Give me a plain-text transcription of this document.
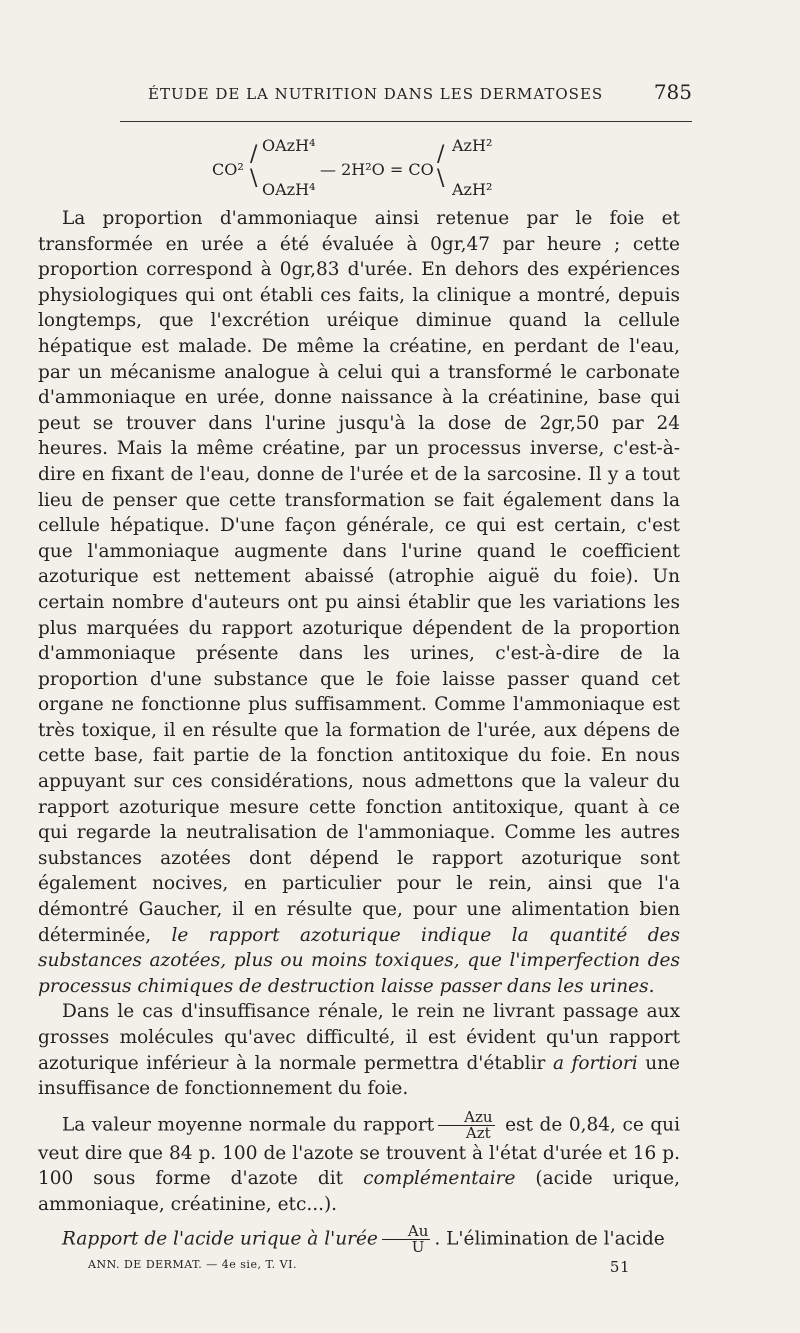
ÉTUDE DE LA NUTRITION DANS LES DERMATOSES	785
CO²
/
\
OAzH⁴
OAzH⁴
— 2H²O = CO
/
\
AzH²
AzH²

La proportion d'ammoniaque ainsi retenue par le foie et transformée en urée a été évaluée à 0gr,47 par heure ; cette proportion correspond à 0gr,83 d'urée. En dehors des expériences physiologiques qui ont établi ces faits, la clinique a montré, depuis longtemps, que l'excrétion uréique diminue quand la cellule hépatique est malade. De même la créatine, en perdant de l'eau, par un mécanisme analogue à celui qui a transformé le carbonate d'ammoniaque en urée, donne naissance à la créatinine, base qui peut se trouver dans l'urine jusqu'à la dose de 2gr,50 par 24 heures. Mais la même créatine, par un processus inverse, c'est-à-dire en fixant de l'eau, donne de l'urée et de la sarcosine. Il y a tout lieu de penser que cette transformation se fait également dans la cellule hépatique. D'une façon générale, ce qui est certain, c'est que l'ammoniaque augmente dans l'urine quand le coefficient azoturique est nettement abaissé (atrophie aiguë du foie). Un certain nombre d'auteurs ont pu ainsi établir que les variations les plus marquées du rapport azoturique dépendent de la proportion d'ammoniaque présente dans les urines, c'est-à-dire de la proportion d'une substance que le foie laisse passer quand cet organe ne fonctionne plus suffisamment. Comme l'ammoniaque est très toxique, il en résulte que la formation de l'urée, aux dépens de cette base, fait partie de la fonction antitoxique du foie. En nous appuyant sur ces considérations, nous admettons que la valeur du rapport azoturique mesure cette fonction antitoxique, quant à ce qui regarde la neutralisation de l'ammoniaque. Comme les autres substances azotées dont dépend le rapport azoturique sont également nocives, en particulier pour le rein, ainsi que l'a démontré Gaucher, il en résulte que, pour une alimentation bien déterminée, le rapport azoturique indique la quantité des substances azotées, plus ou moins toxiques, que l'imperfection des processus chimiques de destruction laisse passer dans les urines.

Dans le cas d'insuffisance rénale, le rein ne livrant passage aux grosses molécules qu'avec difficulté, il est évident qu'un rapport azoturique inférieur à la normale permettra d'établir a fortiori une insuffisance de fonctionnement du foie.

La valeur moyenne normale du rapport $\frac{\text{Azu}}{\text{Azt}}$ est de 0,84, ce qui veut dire que 84 p. 100 de l'azote se trouvent à l'état d'urée et 16 p. 100 sous forme d'azote dit complémentaire (acide urique, ammoniaque, créatinine, etc...).

Rapport de l'acide urique à l'urée $\frac{Au}{U}$ . L'élimination de l'acide

ANN. DE DERMAT. — 4e sie, T. VI.	51
